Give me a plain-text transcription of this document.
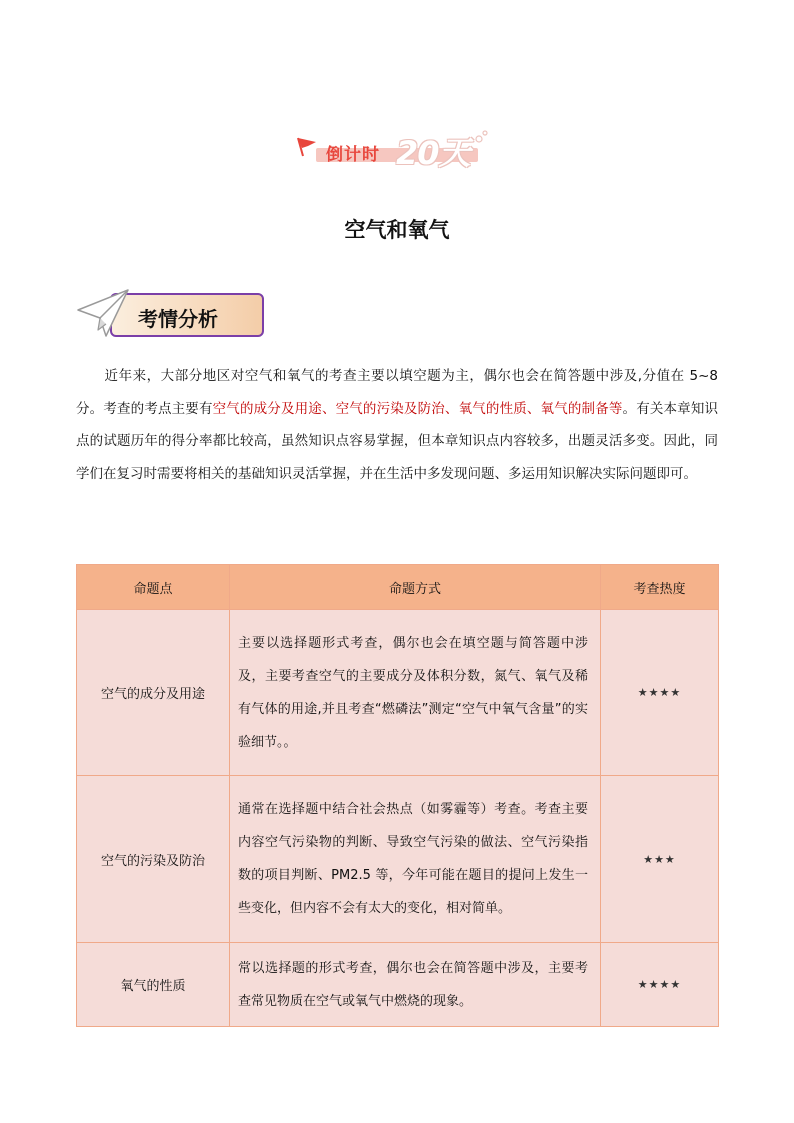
倒计时 20天
空气和氧气
考情分析
近年来，大部分地区对空气和氧气的考查主要以填空题为主，偶尔也会在简答题中涉及,分值在 5~8 分。考查的考点主要有空气的成分及用途、空气的污染及防治、氧气的性质、氧气的制备等。有关本章知识点的试题历年的得分率都比较高，虽然知识点容易掌握，但本章知识点内容较多，出题灵活多变。因此，同学们在复习时需要将相关的基础知识灵活掌握，并在生活中多发现问题、多运用知识解决实际问题即可。
命题点	命题方式	考查热度
空气的成分及用途	主要以选择题形式考查，偶尔也会在填空题与简答题中涉及，主要考查空气的主要成分及体积分数，氮气、氧气及稀有气体的用途,并且考查“燃磷法”测定“空气中氧气含量”的实验细节。。	★★★★
空气的污染及防治	通常在选择题中结合社会热点（如雾霾等）考查。考查主要内容空气污染物的判断、导致空气污染的做法、空气污染指数的项目判断、PM2.5 等，今年可能在题目的提问上发生一些变化，但内容不会有太大的变化，相对简单。	★★★
氧气的性质	常以选择题的形式考查，偶尔也会在简答题中涉及，主要考查常见物质在空气或氧气中燃烧的现象。	★★★★
